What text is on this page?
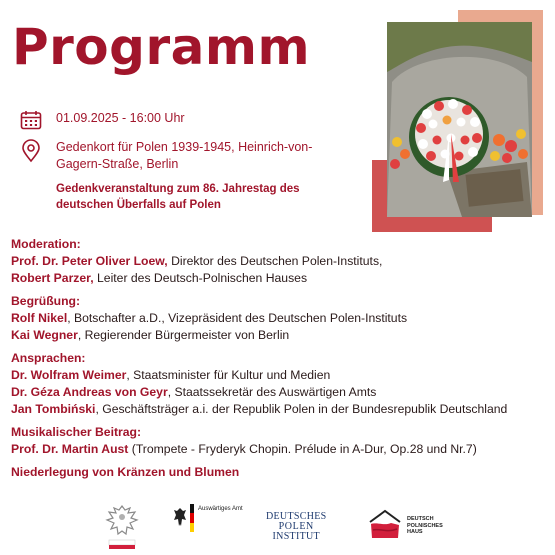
Programm
01.09.2025 - 16:00 Uhr
Gedenkort für Polen 1939-1945, Heinrich-von-
Gagern-Straße, Berlin
Gedenkveranstaltung zum 86. Jahrestag des
deutschen Überfalls auf Polen
Moderation:
Prof. Dr. Peter Oliver Loew, Direktor des Deutschen Polen-Instituts,
Robert Parzer, Leiter des Deutsch-Polnischen Hauses
Begrüßung:
Rolf Nikel, Botschafter a.D., Vizepräsident des Deutschen Polen-Instituts
Kai Wegner, Regierender Bürgermeister von Berlin
Ansprachen:
Dr. Wolfram Weimer, Staatsminister für Kultur und Medien
Dr. Géza Andreas von Geyr, Staatssekretär des Auswärtigen Amts
Jan Tombiński, Geschäftsträger a.i. der Republik Polen in der Bundesrepublik Deutschland
Musikalischer Beitrag:
Prof. Dr. Martin Aust (Trompete - Fryderyk Chopin. Prélude in A-Dur, Op.28 und Nr.7)
Niederlegung von Kränzen und Blumen
Auswärtiges Amt
DEUTSCHES
POLEN
INSTITUT
DEUTSCH
POLNISCHES
HAUS
